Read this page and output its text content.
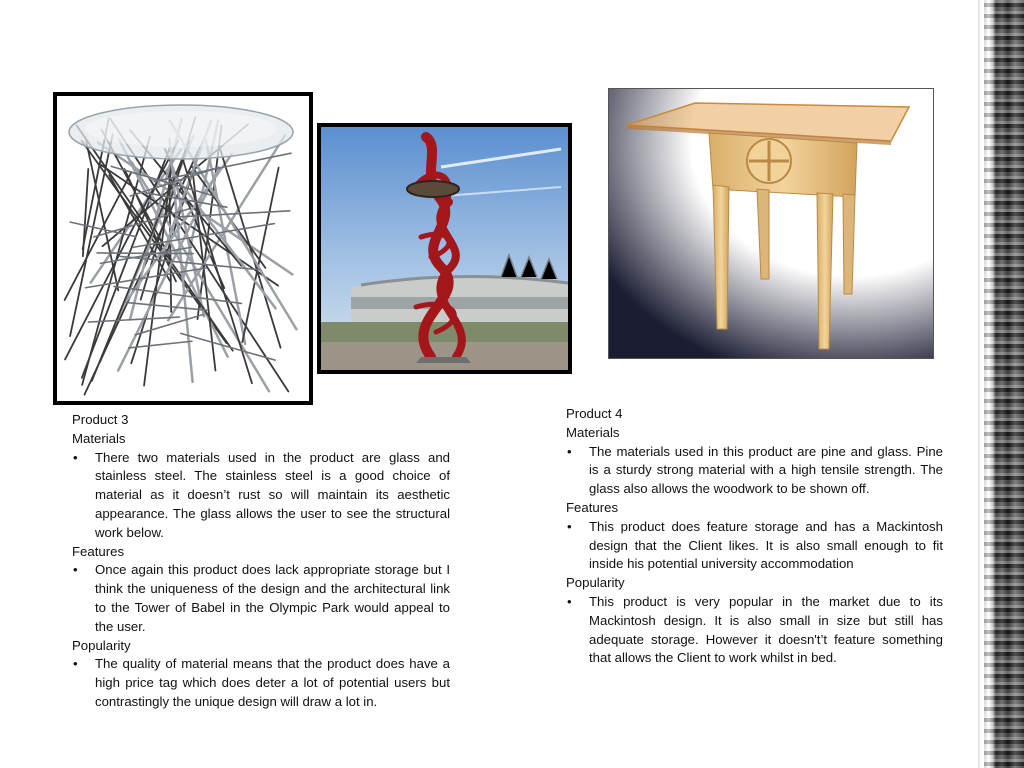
Product 3

Materials

• There two materials used in the product are glass and stainless steel. The stainless steel is a good choice of material as it doesn’t rust so will maintain its aesthetic appearance. The glass allows the user to see the structural work below.

Features

• Once again this product does lack appropriate storage but I think the uniqueness of the design and the architectural link to the Tower of Babel in the Olympic Park would appeal to the user.

Popularity

• The quality of material means that the product does have a high price tag which does deter a lot of potential users but contrastingly the unique design will draw a lot in.

Product 4

Materials

• The materials used in this product are pine and glass. Pine is a sturdy strong material with a high tensile strength. The glass also allows the woodwork to be shown off.

Features

• This product does feature storage and has a Mackintosh design that the Client likes. It is also small enough to fit inside his potential university accommodation

Popularity

• This product is very popular in the market due to its Mackintosh design. It is also small in size but still has adequate storage. However it doesn't’t feature something that allows the Client to work whilst in bed.
